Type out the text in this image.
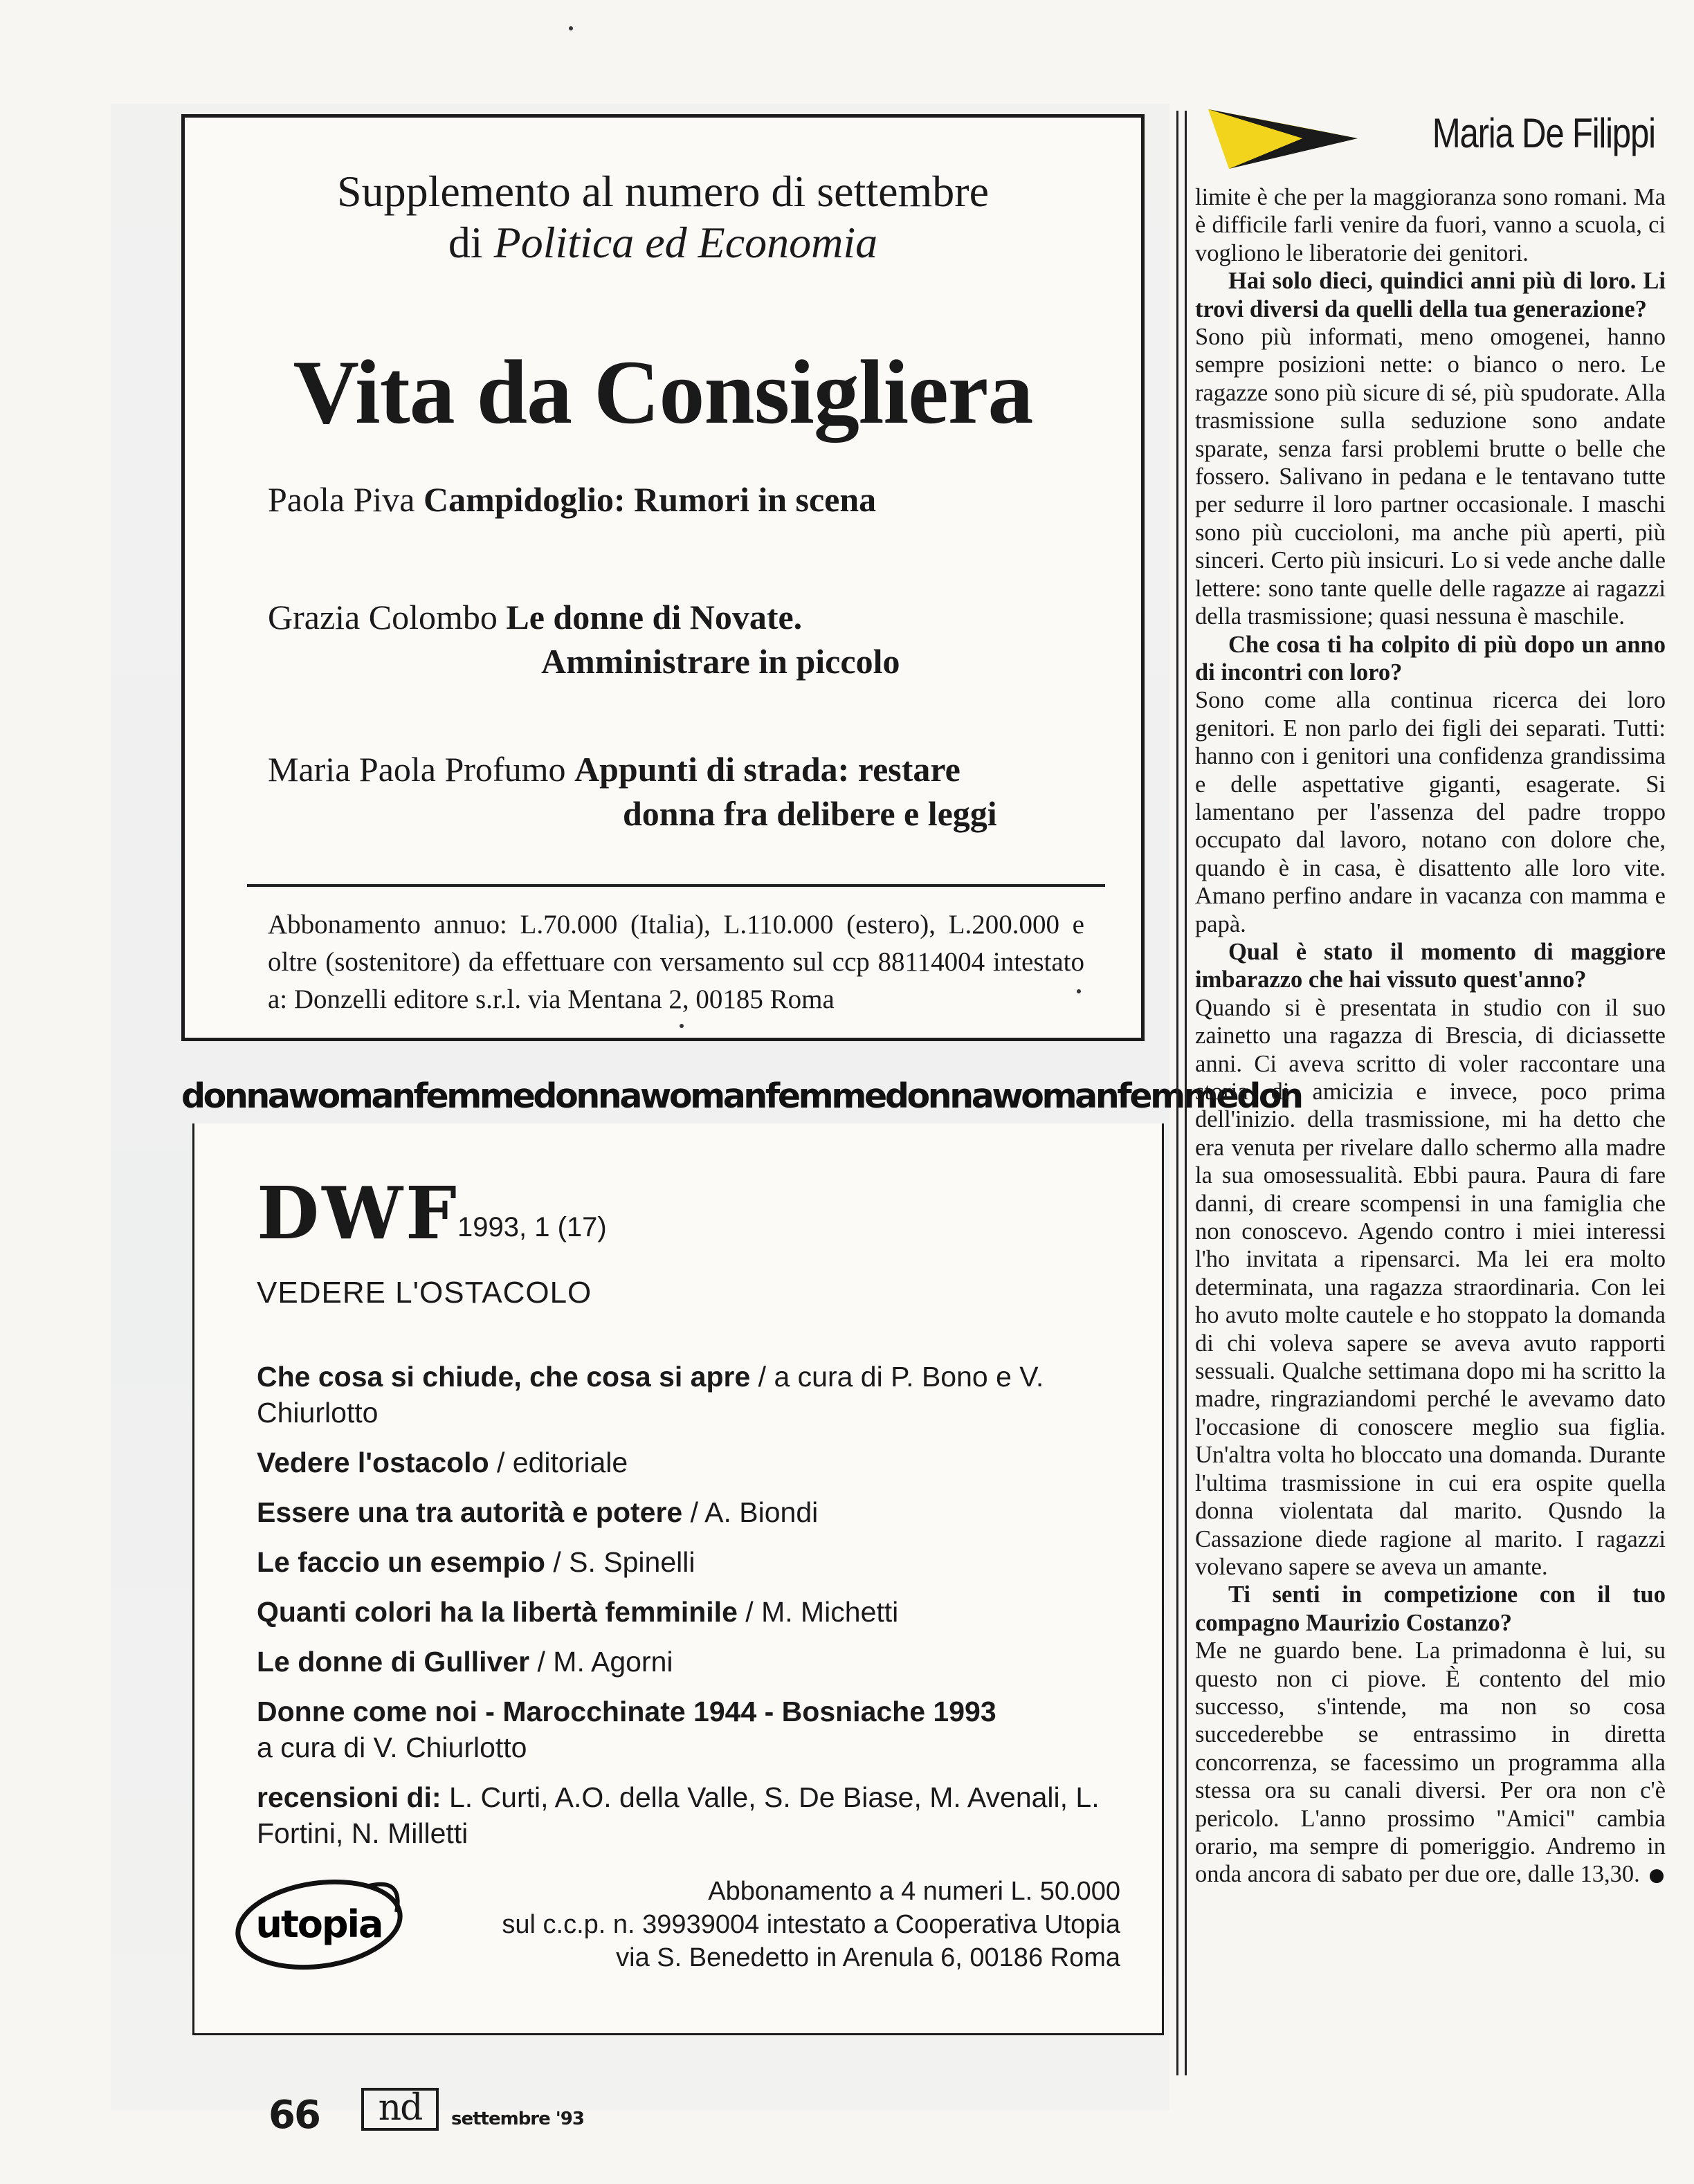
Supplemento al numero di settembre
di Politica ed Economia
Vita da Consigliera
Paola Piva Campidoglio: Rumori in scena
Grazia Colombo Le donne di Novate.
Amministrare in piccolo
Maria Paola Profumo Appunti di strada: restare
donna fra delibere e leggi
Abbonamento annuo: L.70.000 (Italia), L.110.000 (estero), L.200.000 e oltre (sostenitore) da effettuare con versamento sul ccp 88114004 intestato a: Donzelli editore s.r.l. via Mentana 2, 00185 Roma
donnawomanfemmedonnawomanfemmedonnawomanfemmedon
DWF
1993, 1 (17)
VEDERE L'OSTACOLO
Che cosa si chiude, che cosa si apre / a cura di P. Bono e V. Chiurlotto
Vedere l'ostacolo / editoriale
Essere una tra autorità e potere / A. Biondi
Le faccio un esempio / S. Spinelli
Quanti colori ha la libertà femminile / M. Michetti
Le donne di Gulliver / M. Agorni
Donne come noi - Marocchinate 1944 - Bosniache 1993
a cura di V. Chiurlotto
recensioni di: L. Curti, A.O. della Valle, S. De Biase, M. Avenali, L. Fortini, N. Milletti
utopia
Abbonamento a 4 numeri L. 50.000
sul c.c.p. n. 39939004 intestato a Cooperativa Utopia
via S. Benedetto in Arenula 6, 00186 Roma
66	nd	settembre '93
Maria De Filippi

limite è che per la maggioranza sono romani. Ma è difficile farli venire da fuori, vanno a scuola, ci vogliono le liberatorie dei genitori.

Hai solo dieci, quindici anni più di loro. Li trovi diversi da quelli della tua generazione?

Sono più informati, meno omogenei, hanno sempre posizioni nette: o bianco o nero. Le ragazze sono più sicure di sé, più spudorate. Alla trasmissione sulla seduzione sono andate sparate, senza farsi problemi brutte o belle che fossero. Salivano in pedana e le tentavano tutte per sedurre il loro partner occasionale. I maschi sono più cuccioloni, ma anche più aperti, più sinceri. Certo più insicuri. Lo si vede anche dalle lettere: sono tante quelle delle ragazze ai ragazzi della trasmissione; quasi nessuna è maschile.

Che cosa ti ha colpito di più dopo un anno di incontri con loro?

Sono come alla continua ricerca dei loro genitori. E non parlo dei figli dei separati. Tutti: hanno con i genitori una confidenza grandissima e delle aspettative giganti, esagerate. Si lamentano per l'assenza del padre troppo occupato dal lavoro, notano con dolore che, quando è in casa, è disattento alle loro vite. Amano perfino andare in vacanza con mamma e papà.

Qual è stato il momento di maggiore imbarazzo che hai vissuto quest'anno?

Quando si è presentata in studio con il suo zainetto una ragazza di Brescia, di diciassette anni. Ci aveva scritto di voler raccontare una storia di amicizia e invece, poco prima dell'inizio. della trasmissione, mi ha detto che era venuta per rivelare dallo schermo alla madre la sua omosessualità. Ebbi paura. Paura di fare danni, di creare scompensi in una famiglia che non conoscevo. Agendo contro i miei interessi l'ho invitata a ripensarci. Ma lei era molto determinata, una ragazza straordinaria. Con lei ho avuto molte cautele e ho stoppato la domanda di chi voleva sapere se aveva avuto rapporti sessuali. Qualche settimana dopo mi ha scritto la madre, ringraziandomi perché le avevamo dato l'occasione di conoscere meglio sua figlia. Un'altra volta ho bloccato una domanda. Durante l'ultima trasmissione in cui era ospite quella donna violentata dal marito. Qusndo la Cassazione diede ragione al marito. I ragazzi volevano sapere se aveva un amante.

Ti senti in competizione con il tuo compagno Maurizio Costanzo?

Me ne guardo bene. La primadonna è lui, su questo non ci piove. È contento del mio successo, s'intende, ma non so cosa succederebbe se entrassimo in diretta concorrenza, se facessimo un programma alla stessa ora su canali diversi. Per ora non c'è pericolo. L'anno prossimo "Amici" cambia orario, ma sempre di pomeriggio. Andremo in onda ancora di sabato per due ore, dalle 13,30.
